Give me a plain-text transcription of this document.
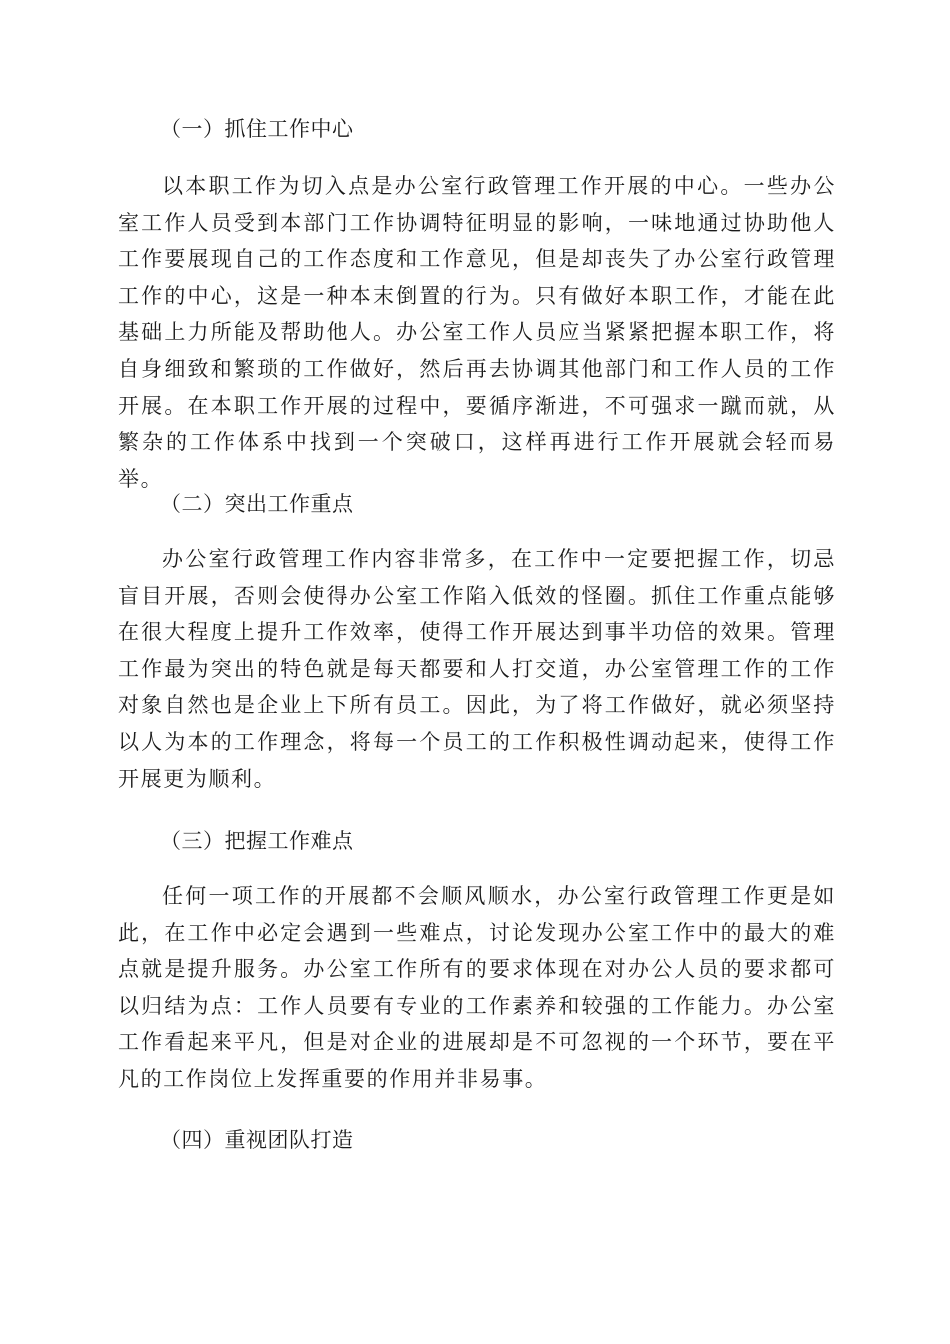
（一）抓住工作中心

以本职工作为切入点是办公室行政管理工作开展的中心。一些办公室工作人员受到本部门工作协调特征明显的影响，一味地通过协助他人工作要展现自己的工作态度和工作意见，但是却丧失了办公室行政管理工作的中心，这是一种本末倒置的行为。只有做好本职工作，才能在此基础上力所能及帮助他人。办公室工作人员应当紧紧把握本职工作，将自身细致和繁琐的工作做好，然后再去协调其他部门和工作人员的工作开展。在本职工作开展的过程中，要循序渐进，不可强求一蹴而就，从繁杂的工作体系中找到一个突破口，这样再进行工作开展就会轻而易举。

（二）突出工作重点

办公室行政管理工作内容非常多，在工作中一定要把握工作，切忌盲目开展，否则会使得办公室工作陷入低效的怪圈。抓住工作重点能够在很大程度上提升工作效率，使得工作开展达到事半功倍的效果。管理工作最为突出的特色就是每天都要和人打交道，办公室管理工作的工作对象自然也是企业上下所有员工。因此，为了将工作做好，就必须坚持以人为本的工作理念，将每一个员工的工作积极性调动起来，使得工作开展更为顺利。

（三）把握工作难点

任何一项工作的开展都不会顺风顺水，办公室行政管理工作更是如此，在工作中必定会遇到一些难点，讨论发现办公室工作中的最大的难点就是提升服务。办公室工作所有的要求体现在对办公人员的要求都可以归结为点：工作人员要有专业的工作素养和较强的工作能力。办公室工作看起来平凡，但是对企业的进展却是不可忽视的一个环节，要在平凡的工作岗位上发挥重要的作用并非易事。

（四）重视团队打造
